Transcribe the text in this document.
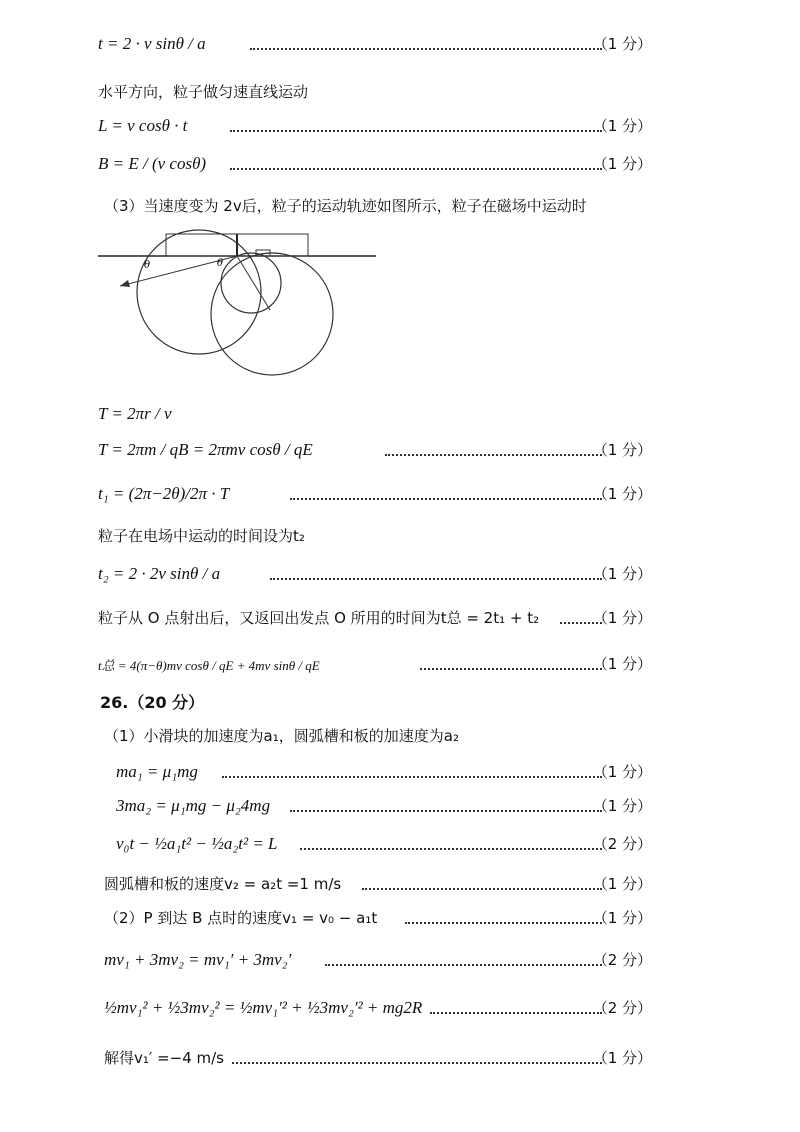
t = 2 · v sinθ / a	（1 分）
水平方向，粒子做匀速直线运动
L = v cosθ · t	（1 分）
B = E / (v cosθ)	（1 分）
（3）当速度变为 2v后，粒子的运动轨迹如图所示，粒子在磁场中运动时
θ	θ
T = 2πr / v
T = 2πm / qB = 2πmv cosθ / qE	（1 分）
t₁ = (2π−2θ)/2π · T	（1 分）
粒子在电场中运动的时间设为t₂
t₂ = 2 · 2v sinθ / a	（1 分）
粒子从 O 点射出后，又返回出发点 O 所用的时间为t总 = 2t₁ + t₂	（1 分）
t总 = 4(π−θ)mv cosθ / qE + 4mv sinθ / qE	（1 分）
26.（20 分）
（1）小滑块的加速度为a₁，圆弧槽和板的加速度为a₂
ma₁ = μ₁mg	（1 分）
3ma₂ = μ₁mg − μ₂4mg	（1 分）
v₀t − ½a₁t² − ½a₂t² = L	（2 分）
圆弧槽和板的速度v₂ = a₂t =1 m/s	（1 分）
（2）P 到达 B 点时的速度v₁ = v₀ − a₁t	（1 分）
mv₁ + 3mv₂ = mv₁′ + 3mv₂′	（2 分）
½mv₁² + ½3mv₂² = ½mv₁′² + ½3mv₂′² + mg2R	（2 分）
解得v₁′ =−4 m/s	（1 分）
